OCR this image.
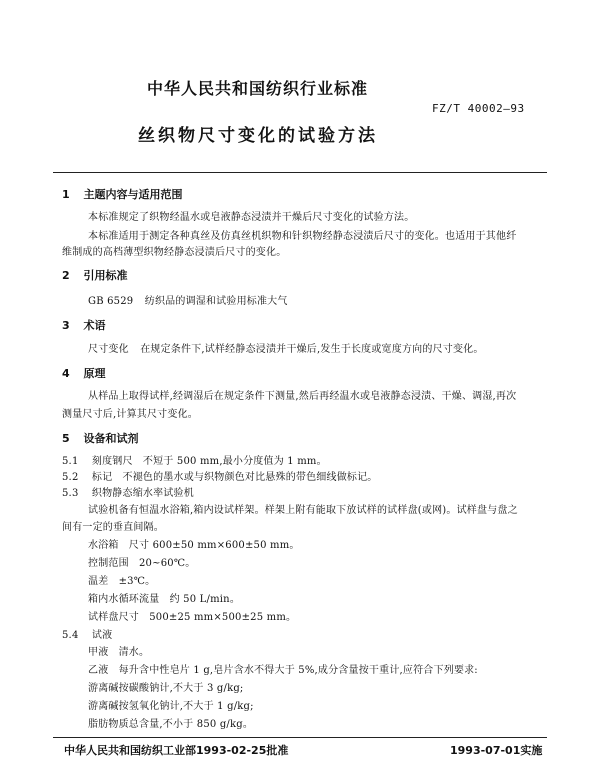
中华人民共和国纺织行业标准
FZ/T 40002—93
丝织物尺寸变化的试验方法
1 主题内容与适用范围
本标准规定了织物经温水或皂液静态浸渍并干燥后尺寸变化的试验方法。
本标准适用于测定各种真丝及仿真丝机织物和针织物经静态浸渍后尺寸的变化。也适用于其他纤
维制成的高档薄型织物经静态浸渍后尺寸的变化。
2 引用标准
GB 6529 纺织品的调湿和试验用标准大气
3 术语
尺寸变化 在规定条件下,试样经静态浸渍并干燥后,发生于长度或宽度方向的尺寸变化。
4 原理
从样品上取得试样,经调湿后在规定条件下测量,然后再经温水或皂液静态浸渍、干燥、调湿,再次
测量尺寸后,计算其尺寸变化。
5 设备和试剂
5.1 刻度钢尺　不短于 500 mm,最小分度值为 1 mm。
5.2 标记　不褪色的墨水或与织物颜色对比悬殊的带色细线做标记。
5.3 织物静态缩水率试验机
试验机备有恒温水浴箱,箱内设试样架。样架上附有能取下放试样的试样盘(或网)。试样盘与盘之
间有一定的垂直间隔。
水浴箱　尺寸 600±50 mm×600±50 mm。
控制范围　20~60℃。
温差　±3℃。
箱内水循环流量　约 50 L/min。
试样盘尺寸　500±25 mm×500±25 mm。
5.4 试液
甲液　清水。
乙液　每升含中性皂片 1 g,皂片含水不得大于 5%,成分含量按干重计,应符合下列要求:
游离碱按碳酸钠计,不大于 3 g/kg;
游离碱按氢氧化钠计,不大于 1 g/kg;
脂肪物质总含量,不小于 850 g/kg。
中华人民共和国纺织工业部1993-02-25批准	1993-07-01实施
